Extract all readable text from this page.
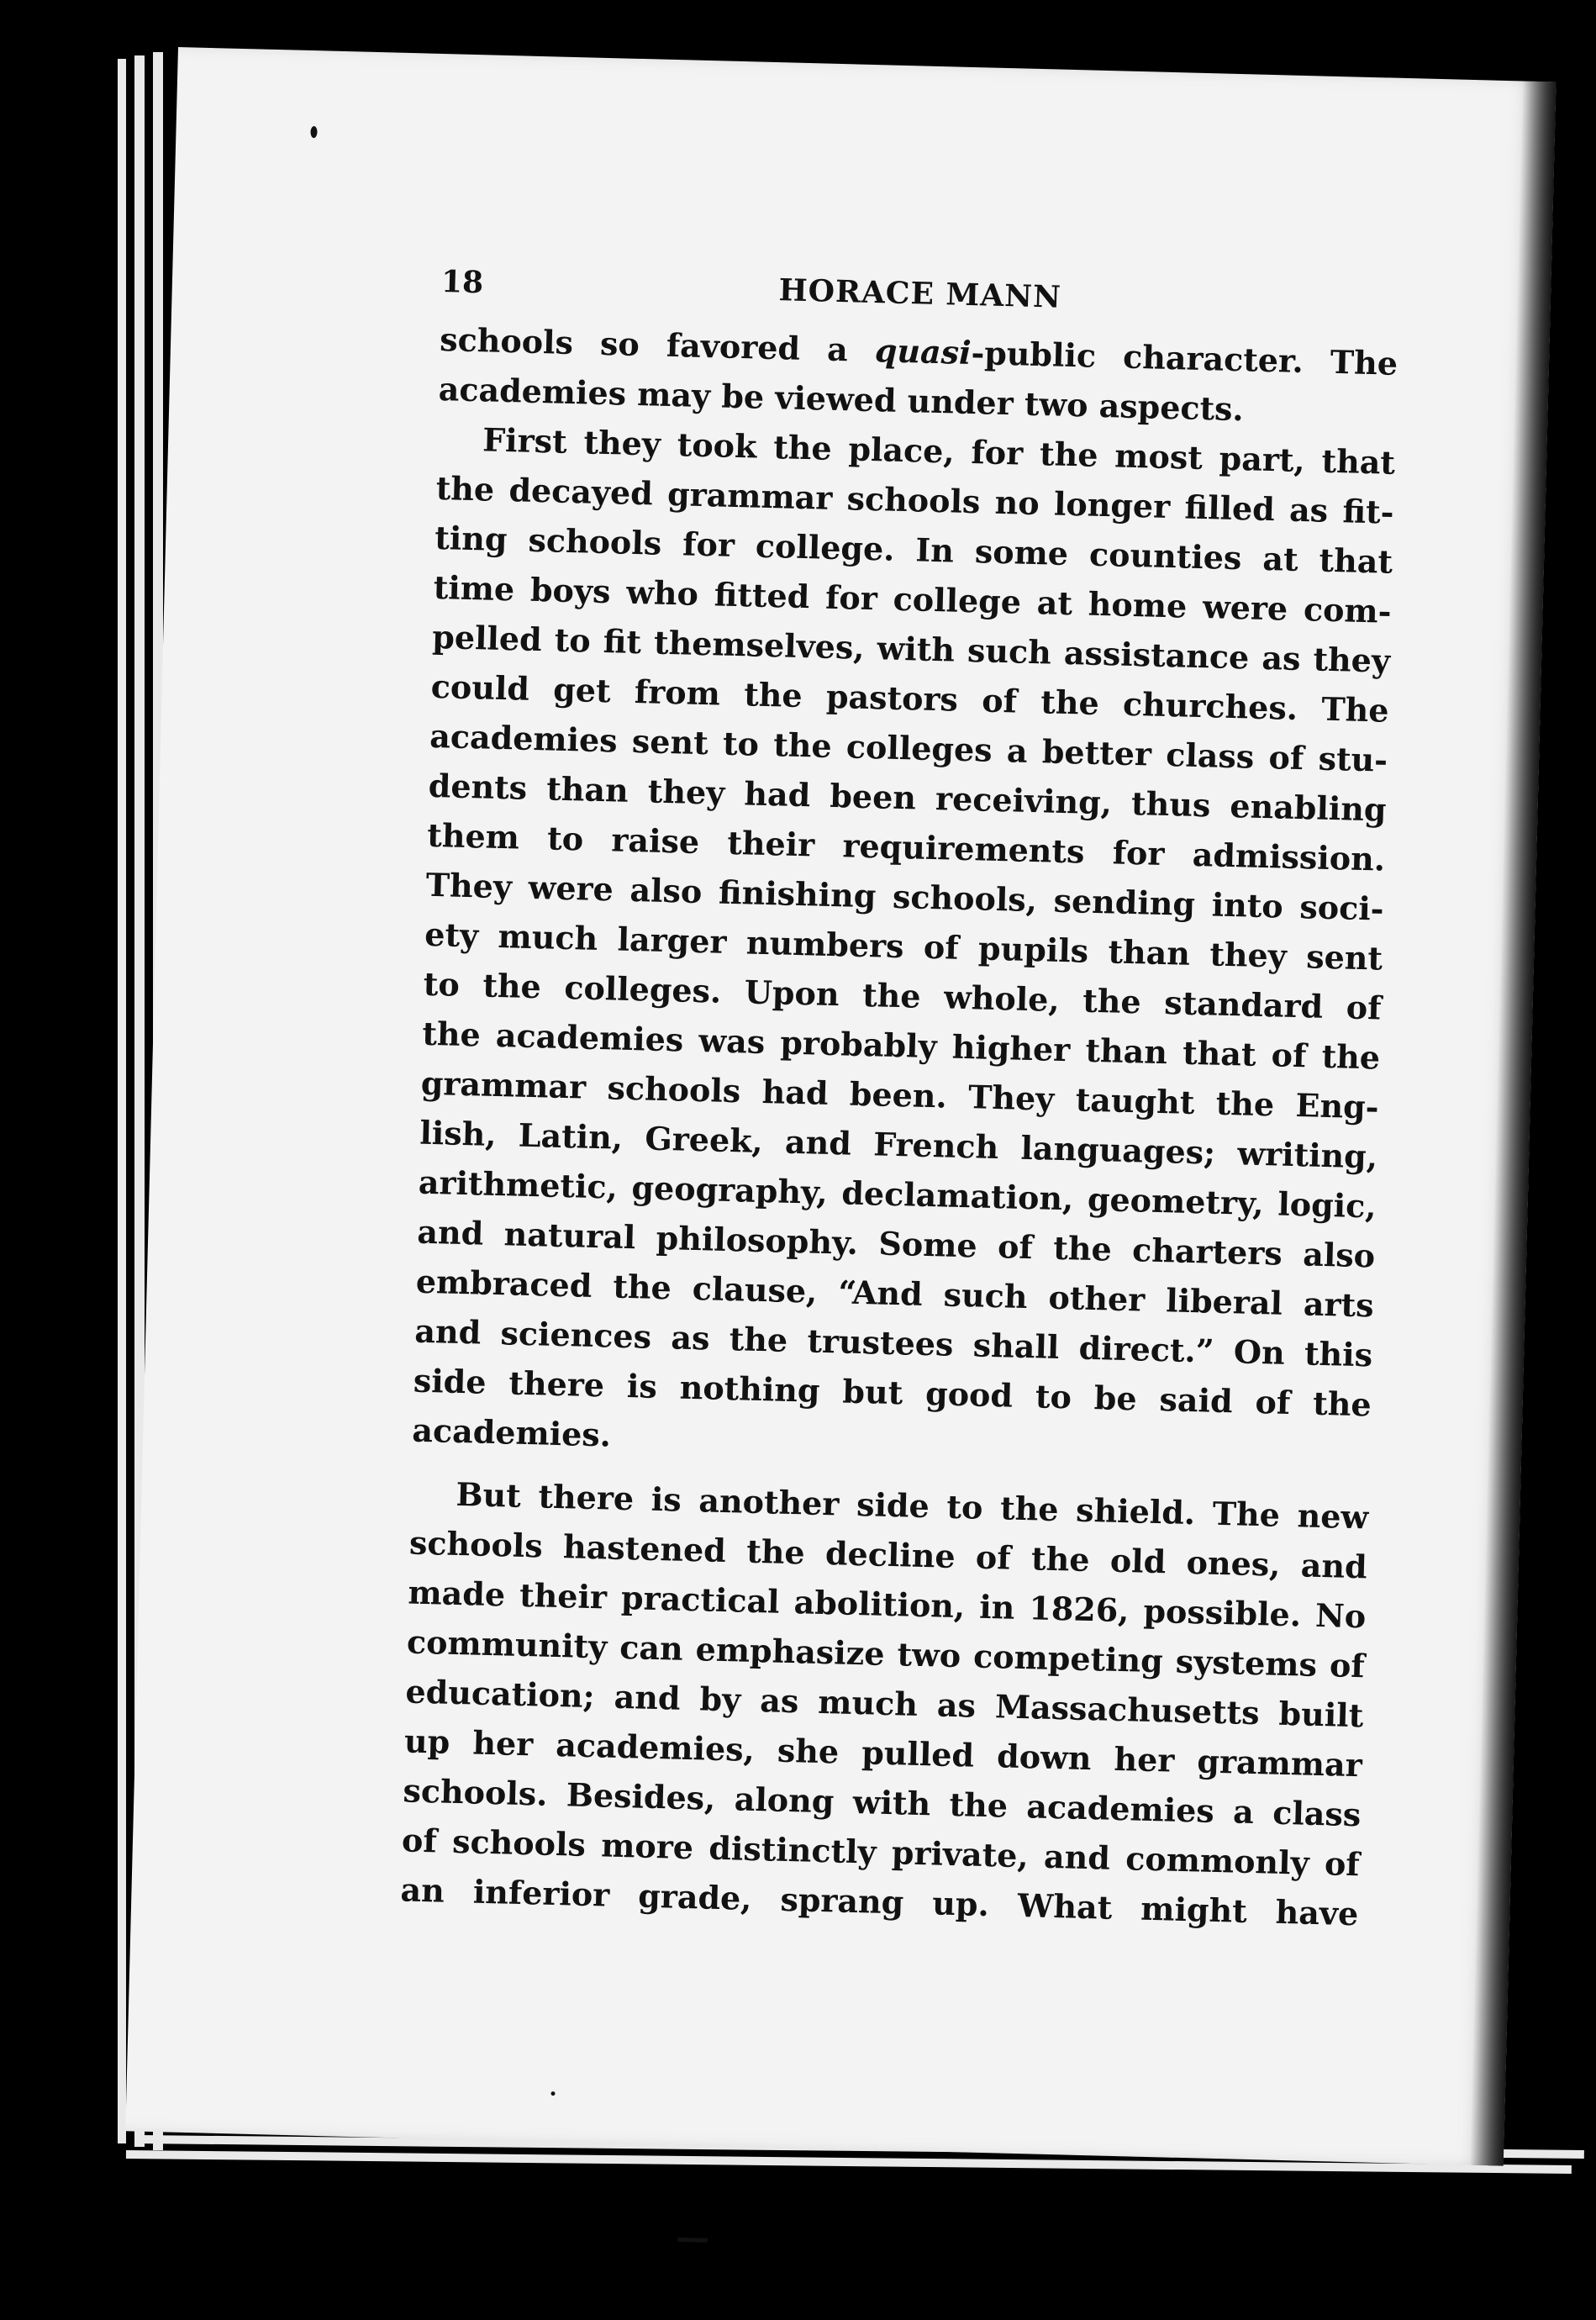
18	HORACE MANN
schools so favored a quasi-public character. The
academies may be viewed under two aspects.
First they took the place, for the most part, that
the decayed grammar schools no longer filled as fit-
ting schools for college. In some counties at that
time boys who fitted for college at home were com-
pelled to fit themselves, with such assistance as they
could get from the pastors of the churches. The
academies sent to the colleges a better class of stu-
dents than they had been receiving, thus enabling
them to raise their requirements for admission.
They were also finishing schools, sending into soci-
ety much larger numbers of pupils than they sent
to the colleges. Upon the whole, the standard of
the academies was probably higher than that of the
grammar schools had been. They taught the Eng-
lish, Latin, Greek, and French languages; writing,
arithmetic, geography, declamation, geometry, logic,
and natural philosophy. Some of the charters also
embraced the clause, “And such other liberal arts
and sciences as the trustees shall direct.” On this
side there is nothing but good to be said of the
academies.
But there is another side to the shield. The new
schools hastened the decline of the old ones, and
made their practical abolition, in 1826, possible. No
community can emphasize two competing systems of
education; and by as much as Massachusetts built
up her academies, she pulled down her grammar
schools. Besides, along with the academies a class
of schools more distinctly private, and commonly of
an inferior grade, sprang up. What might have
